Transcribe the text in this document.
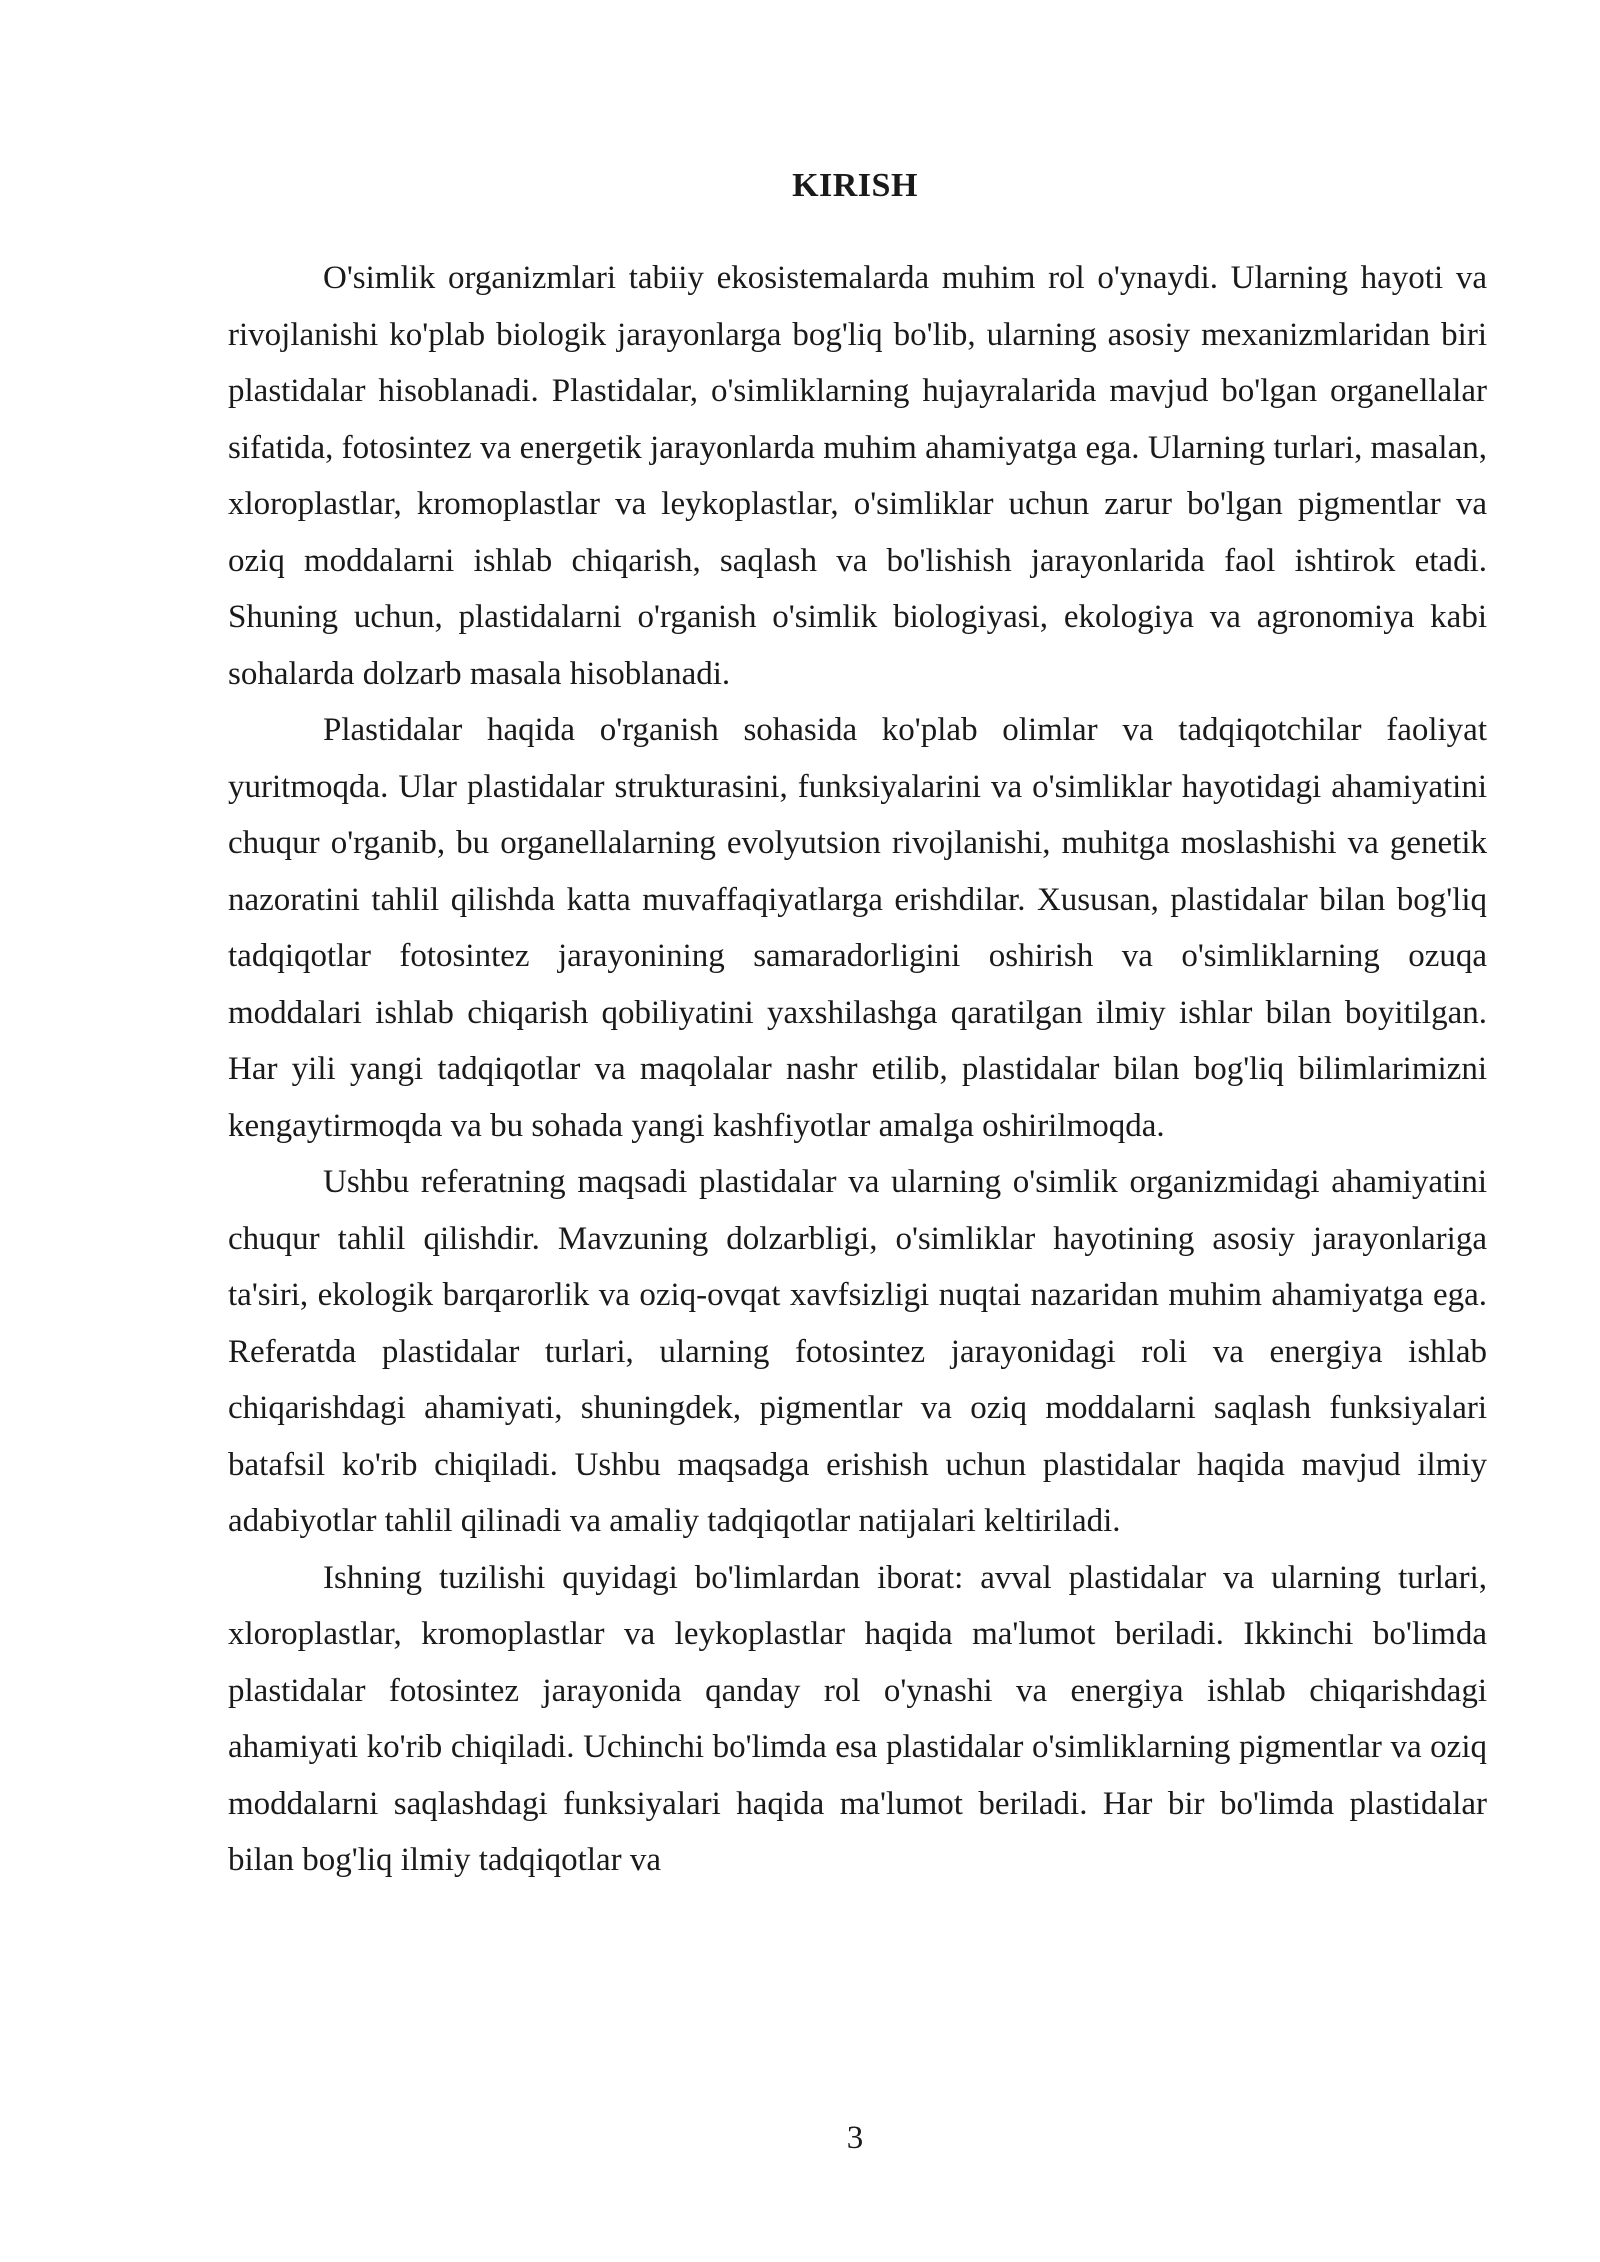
KIRISH

O'simlik organizmlari tabiiy ekosistemalarda muhim rol o'ynaydi. Ularning hayoti va rivojlanishi ko'plab biologik jarayonlarga bog'liq bo'lib, ularning asosiy mexanizmlaridan biri plastidalar hisoblanadi. Plastidalar, o'simliklarning hujayralarida mavjud bo'lgan organellalar sifatida, fotosintez va energetik jarayonlarda muhim ahamiyatga ega. Ularning turlari, masalan, xloroplastlar, kromoplastlar va leykoplastlar, o'simliklar uchun zarur bo'lgan pigmentlar va oziq moddalarni ishlab chiqarish, saqlash va bo'lishish jarayonlarida faol ishtirok etadi. Shuning uchun, plastidalarni o'rganish o'simlik biologiyasi, ekologiya va agronomiya kabi sohalarda dolzarb masala hisoblanadi.

Plastidalar haqida o'rganish sohasida ko'plab olimlar va tadqiqotchilar faoliyat yuritmoqda. Ular plastidalar strukturasini, funksiyalarini va o'simliklar hayotidagi ahamiyatini chuqur o'rganib, bu organellalarning evolyutsion rivojlanishi, muhitga moslashishi va genetik nazoratini tahlil qilishda katta muvaffaqiyatlarga erishdilar. Xususan, plastidalar bilan bog'liq tadqiqotlar fotosintez jarayonining samaradorligini oshirish va o'simliklarning ozuqa moddalari ishlab chiqarish qobiliyatini yaxshilashga qaratilgan ilmiy ishlar bilan boyitilgan. Har yili yangi tadqiqotlar va maqolalar nashr etilib, plastidalar bilan bog'liq bilimlarimizni kengaytirmoqda va bu sohada yangi kashfiyotlar amalga oshirilmoqda.

Ushbu referatning maqsadi plastidalar va ularning o'simlik organizmidagi ahamiyatini chuqur tahlil qilishdir. Mavzuning dolzarbligi, o'simliklar hayotining asosiy jarayonlariga ta'siri, ekologik barqarorlik va oziq-ovqat xavfsizligi nuqtai nazaridan muhim ahamiyatga ega. Referatda plastidalar turlari, ularning fotosintez jarayonidagi roli va energiya ishlab chiqarishdagi ahamiyati, shuningdek, pigmentlar va oziq moddalarni saqlash funksiyalari batafsil ko'rib chiqiladi. Ushbu maqsadga erishish uchun plastidalar haqida mavjud ilmiy adabiyotlar tahlil qilinadi va amaliy tadqiqotlar natijalari keltiriladi.

Ishning tuzilishi quyidagi bo'limlardan iborat: avval plastidalar va ularning turlari, xloroplastlar, kromoplastlar va leykoplastlar haqida ma'lumot beriladi. Ikkinchi bo'limda plastidalar fotosintez jarayonida qanday rol o'ynashi va energiya ishlab chiqarishdagi ahamiyati ko'rib chiqiladi. Uchinchi bo'limda esa plastidalar o'simliklarning pigmentlar va oziq moddalarni saqlashdagi funksiyalari haqida ma'lumot beriladi. Har bir bo'limda plastidalar bilan bog'liq ilmiy tadqiqotlar va

3
